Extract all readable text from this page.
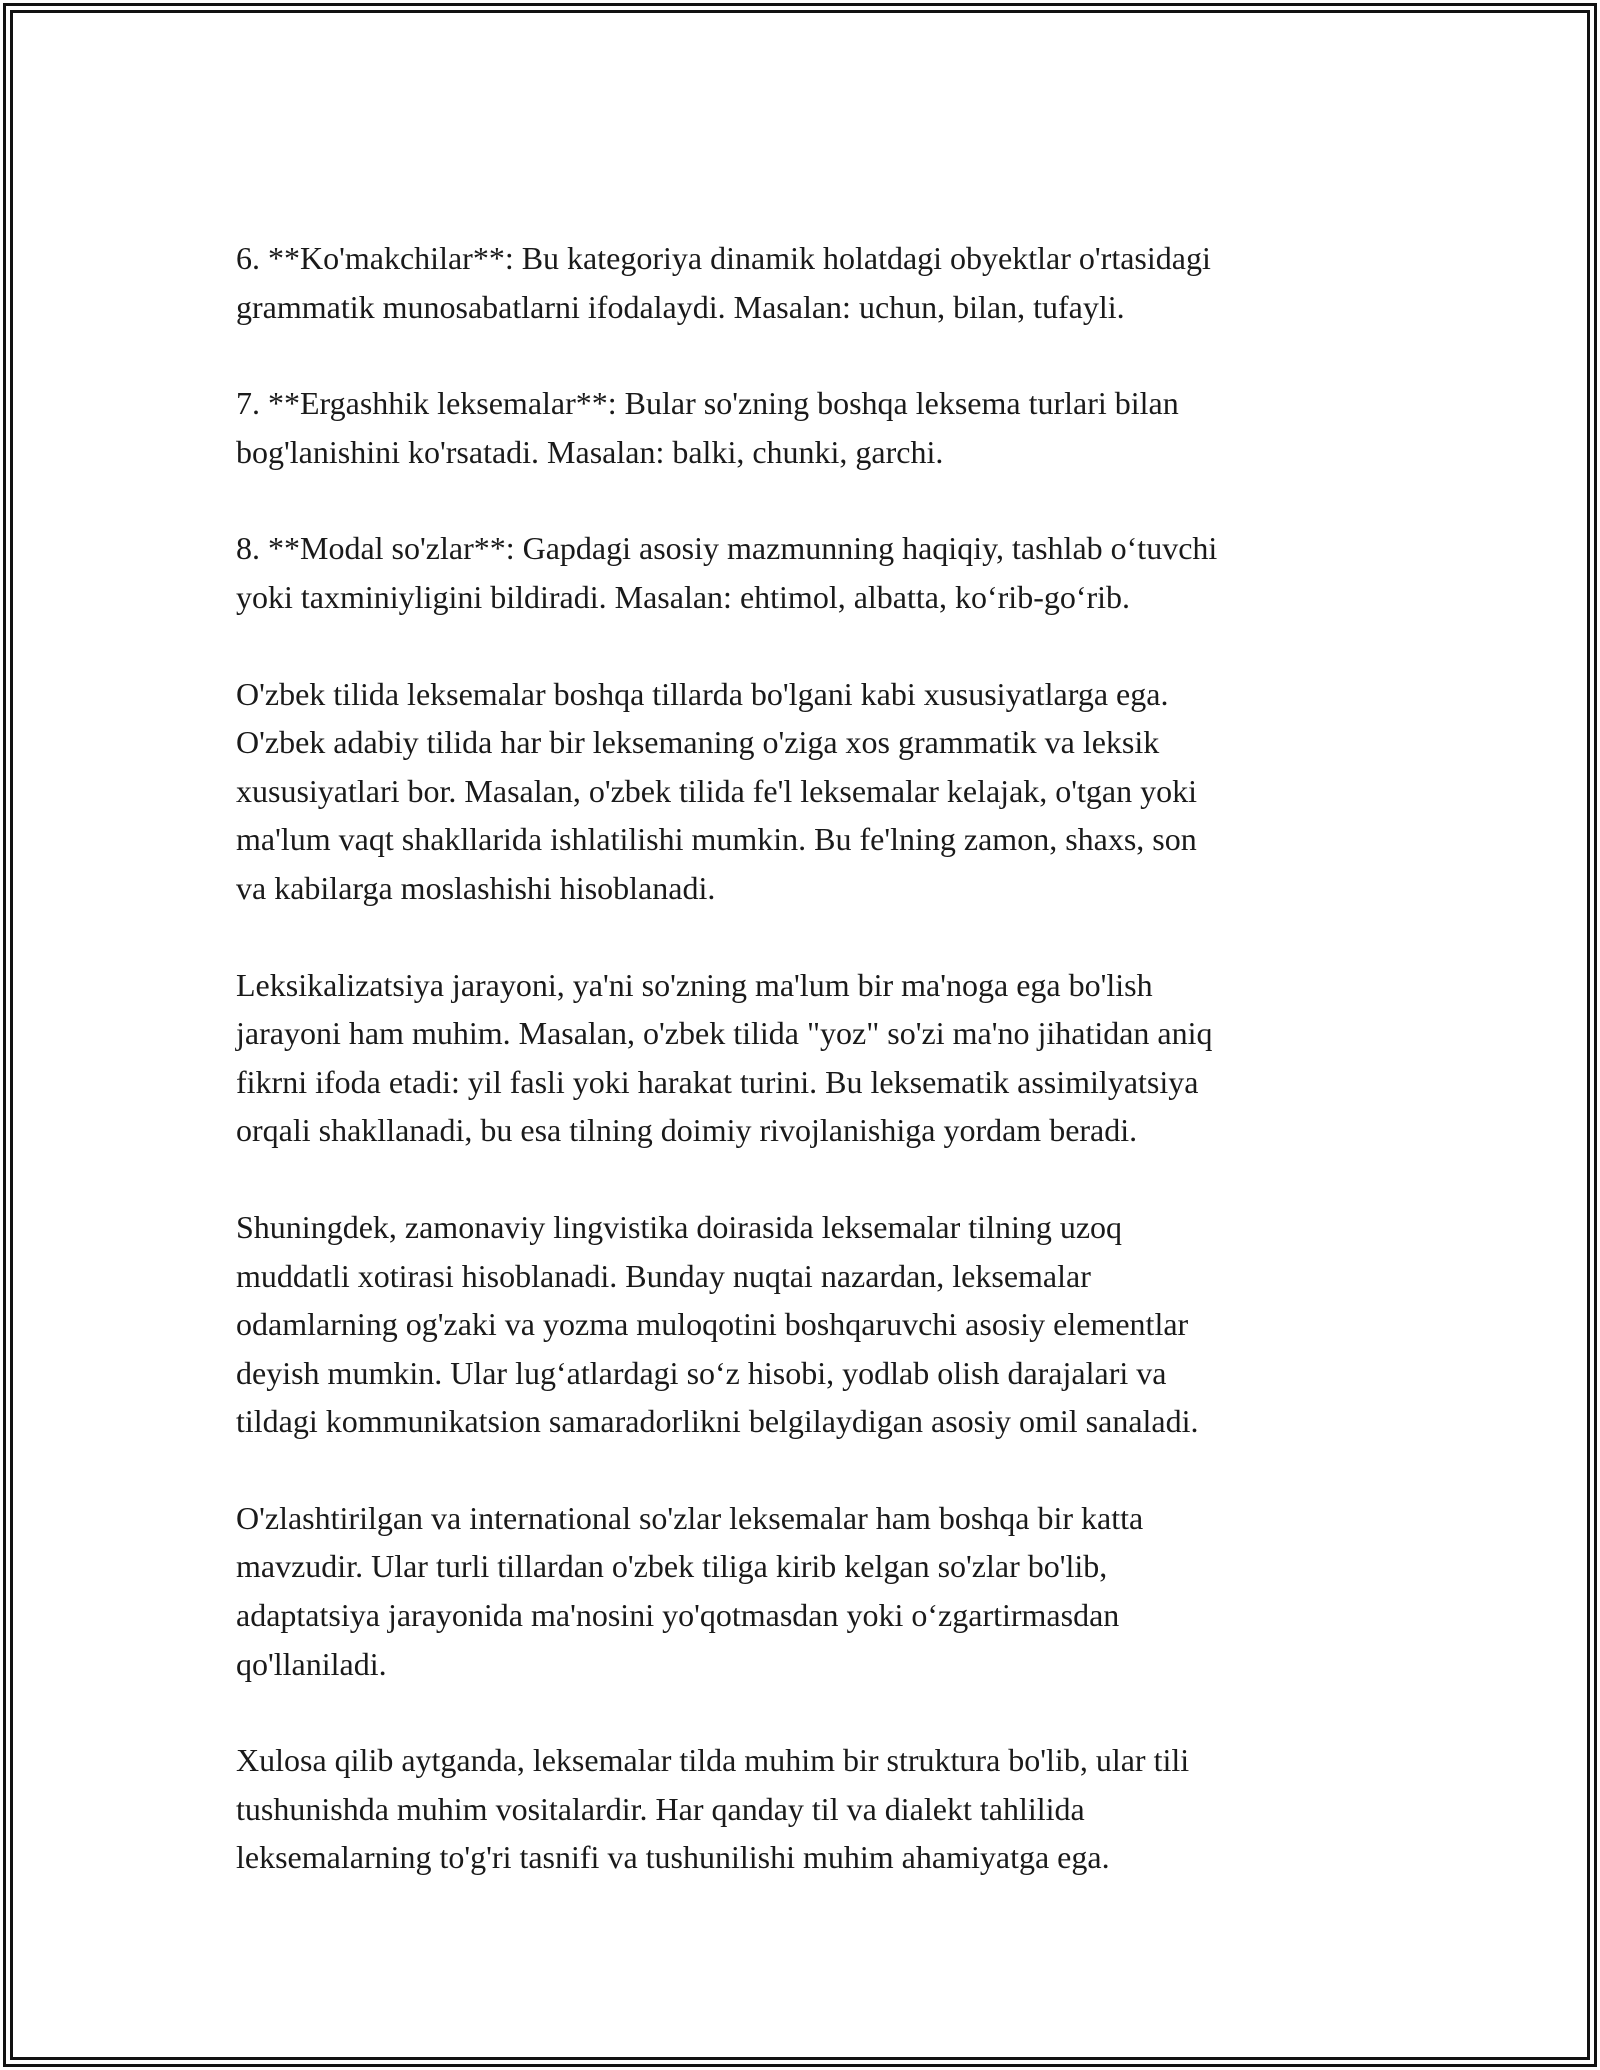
6. **Ko'makchilar**: Bu kategoriya dinamik holatdagi obyektlar o'rtasidagi
grammatik munosabatlarni ifodalaydi. Masalan: uchun, bilan, tufayli.

7. **Ergashhik leksemalar**: Bular so'zning boshqa leksema turlari bilan
bog'lanishini ko'rsatadi. Masalan: balki, chunki, garchi.

8. **Modal so'zlar**: Gapdagi asosiy mazmunning haqiqiy, tashlab o‘tuvchi
yoki taxminiyligini bildiradi. Masalan: ehtimol, albatta, ko‘rib-go‘rib.

O'zbek tilida leksemalar boshqa tillarda bo'lgani kabi xususiyatlarga ega.
O'zbek adabiy tilida har bir leksemaning o'ziga xos grammatik va leksik
xususiyatlari bor. Masalan, o'zbek tilida fe'l leksemalar kelajak, o'tgan yoki
ma'lum vaqt shakllarida ishlatilishi mumkin. Bu fe'lning zamon, shaxs, son
va kabilarga moslashishi hisoblanadi.

Leksikalizatsiya jarayoni, ya'ni so'zning ma'lum bir ma'noga ega bo'lish
jarayoni ham muhim. Masalan, o'zbek tilida "yoz" so'zi ma'no jihatidan aniq
fikrni ifoda etadi: yil fasli yoki harakat turini. Bu leksematik assimilyatsiya
orqali shakllanadi, bu esa tilning doimiy rivojlanishiga yordam beradi.

Shuningdek, zamonaviy lingvistika doirasida leksemalar tilning uzoq
muddatli xotirasi hisoblanadi. Bunday nuqtai nazardan, leksemalar
odamlarning og'zaki va yozma muloqotini boshqaruvchi asosiy elementlar
deyish mumkin. Ular lug‘atlardagi so‘z hisobi, yodlab olish darajalari va
tildagi kommunikatsion samaradorlikni belgilaydigan asosiy omil sanaladi.

O'zlashtirilgan va international so'zlar leksemalar ham boshqa bir katta
mavzudir. Ular turli tillardan o'zbek tiliga kirib kelgan so'zlar bo'lib,
adaptatsiya jarayonida ma'nosini yo'qotmasdan yoki o‘zgartirmasdan
qo'llaniladi.

Xulosa qilib aytganda, leksemalar tilda muhim bir struktura bo'lib, ular tili
tushunishda muhim vositalardir. Har qanday til va dialekt tahlilida
leksemalarning to'g'ri tasnifi va tushunilishi muhim ahamiyatga ega.
